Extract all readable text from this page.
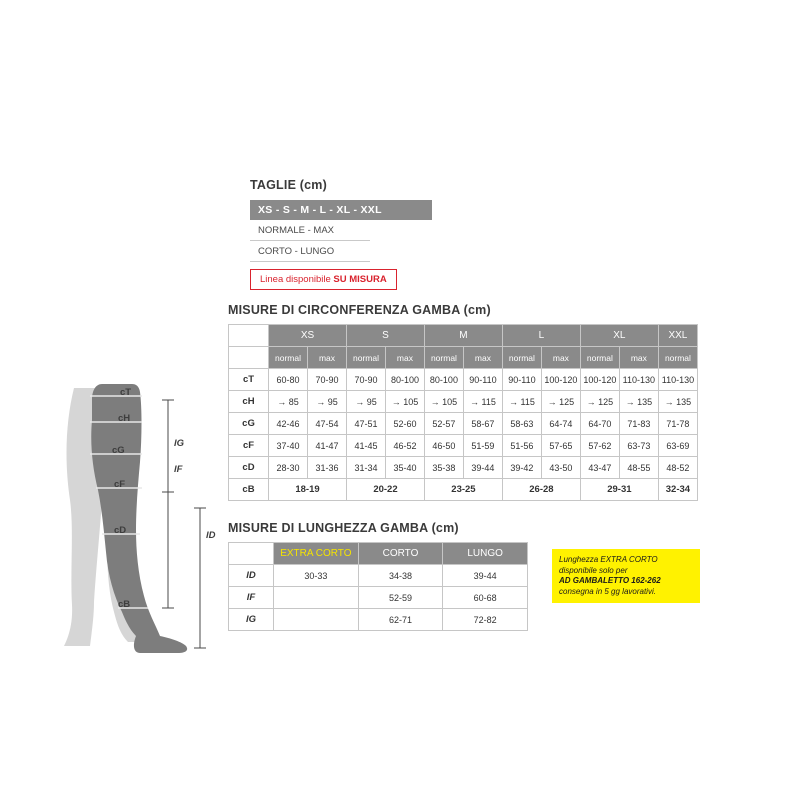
TAGLIE (cm)
XS - S - M - L - XL - XXL
NORMALE - MAX
CORTO - LUNGO
Linea disponibile SU MISURA
MISURE DI CIRCONFERENZA GAMBA (cm)
	XS		S		M		L		XL		XXL
	normal	max	normal	max	normal	max	normal	max	normal	max	normal
cT	60-80	70-90	70-90	80-100	80-100	90-110	90-110	100-120	100-120	110-130	110-130
cH	→ 85	→ 95	→ 95	→ 105	→ 105	→ 115	→ 115	→ 125	→ 125	→ 135	→ 135
cG	42-46	47-54	47-51	52-60	52-57	58-67	58-63	64-74	64-70	71-83	71-78
cF	37-40	41-47	41-45	46-52	46-50	51-59	51-56	57-65	57-62	63-73	63-69
cD	28-30	31-36	31-34	35-40	35-38	39-44	39-42	43-50	43-47	48-55	48-52
cB	18-19		20-22		23-25		26-28		29-31		32-34
MISURE DI LUNGHEZZA GAMBA (cm)
	EXTRA CORTO	CORTO	LUNGO
lD	30-33	34-38	39-44
lF		52-59	60-68
lG		62-71	72-82
Lunghezza EXTRA CORTO
disponibile solo per
AD GAMBALETTO 162-262
consegna in 5 gg lavorativi.
cT
cH
cG
cF
cD
cB
lG
lF
lD
